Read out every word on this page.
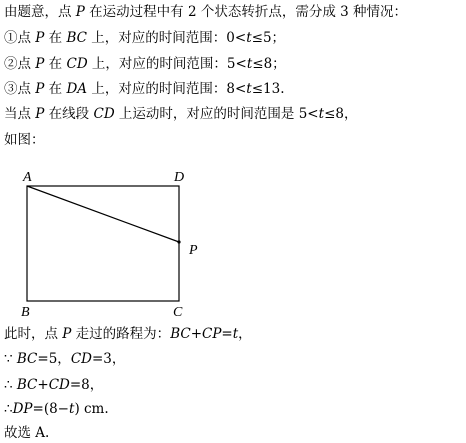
由题意，点 P 在运动过程中有 2 个状态转折点，需分成 3 种情况：
①点 P 在 BC 上，对应的时间范围：0<t≤5；
②点 P 在 CD 上，对应的时间范围：5<t≤8；
③点 P 在 DA 上，对应的时间范围：8<t≤13.
当点 P 在线段 CD 上运动时，对应的时间范围是 5<t≤8，
如图：
A	D
P
B	C
此时，点 P 走过的路程为：BC+CP=t，
∵ BC=5，CD=3，
∴ BC+CD=8，
∴DP=(8−t) cm.
故选 A.
